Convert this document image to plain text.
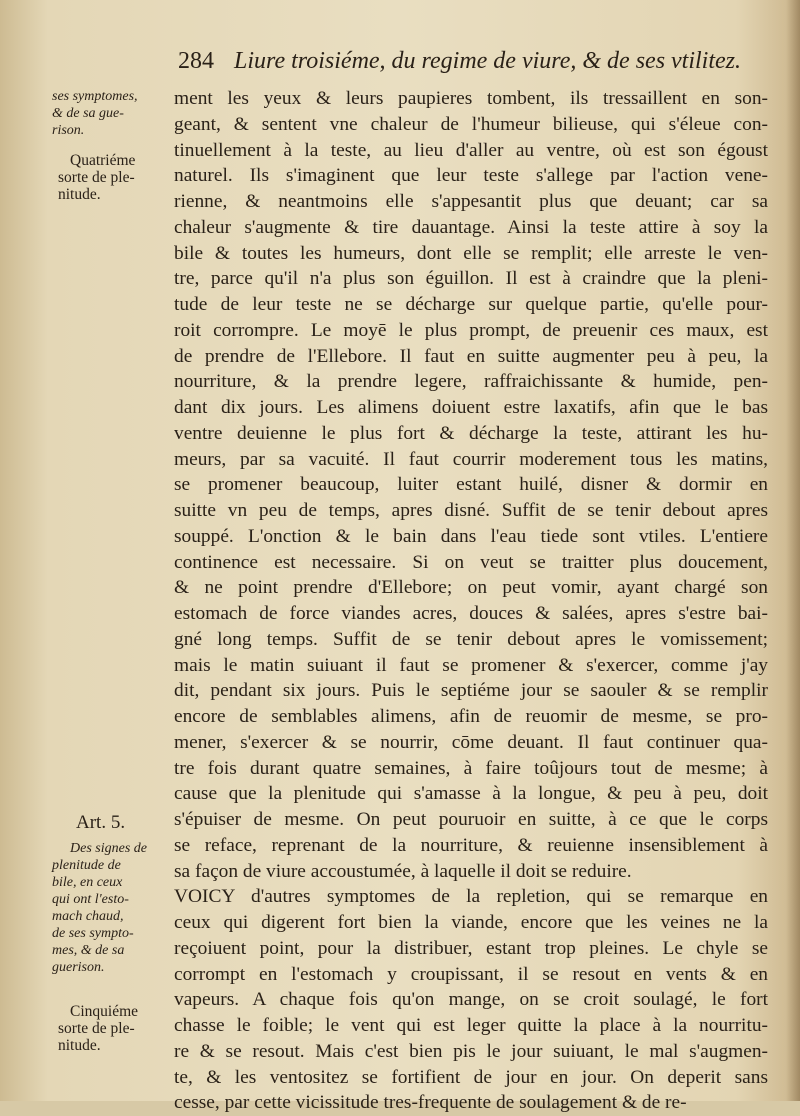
284 Liure troisiéme, du regime de viure, & de ses vtilitez.
ses symptomes,
& de sa gue-
rison.
Quatriéme
sorte de ple-
nitude.
Art. 5.
Des signes de
plenitude de
bile, en ceux
qui ont l'esto-
mach chaud,
de ses sympto-
mes, & de sa
guerison.
Cinquiéme
sorte de ple-
nitude.
ment les yeux & leurs paupieres tombent, ils tressaillent en son-
geant, & sentent vne chaleur de l'humeur bilieuse, qui s'éleue con-
tinuellement à la teste, au lieu d'aller au ventre, où est son égoust
naturel. Ils s'imaginent que leur teste s'allege par l'action vene-
rienne, & neantmoins elle s'appesantit plus que deuant; car sa
chaleur s'augmente & tire dauantage. Ainsi la teste attire à soy la
bile & toutes les humeurs, dont elle se remplit; elle arreste le ven-
tre, parce qu'il n'a plus son éguillon. Il est à craindre que la pleni-
tude de leur teste ne se décharge sur quelque partie, qu'elle pour-
roit corrompre. Le moyē le plus prompt, de preuenir ces maux, est
de prendre de l'Ellebore. Il faut en suitte augmenter peu à peu, la
nourriture, & la prendre legere, raffraichissante & humide, pen-
dant dix jours. Les alimens doiuent estre laxatifs, afin que le bas
ventre deuienne le plus fort & décharge la teste, attirant les hu-
meurs, par sa vacuité. Il faut courrir moderement tous les matins,
se promener beaucoup, luiter estant huilé, disner & dormir en
suitte vn peu de temps, apres disné. Suffit de se tenir debout apres
souppé. L'onction & le bain dans l'eau tiede sont vtiles. L'entiere
continence est necessaire. Si on veut se traitter plus doucement,
& ne point prendre d'Ellebore; on peut vomir, ayant chargé son
estomach de force viandes acres, douces & salées, apres s'estre bai-
gné long temps. Suffit de se tenir debout apres le vomissement;
mais le matin suiuant il faut se promener & s'exercer, comme j'ay
dit, pendant six jours. Puis le septiéme jour se saouler & se remplir
encore de semblables alimens, afin de reuomir de mesme, se pro-
mener, s'exercer & se nourrir, cōme deuant. Il faut continuer qua-
tre fois durant quatre semaines, à faire toûjours tout de mesme; à
cause que la plenitude qui s'amasse à la longue, & peu à peu, doit
s'épuiser de mesme. On peut pouruoir en suitte, à ce que le corps
se reface, reprenant de la nourriture, & reuienne insensiblement à
sa façon de viure accoustumée, à laquelle il doit se reduire.
VOICY d'autres symptomes de la repletion, qui se remarque en
ceux qui digerent fort bien la viande, encore que les veines ne la
reçoiuent point, pour la distribuer, estant trop pleines. Le chyle se
corrompt en l'estomach y croupissant, il se resout en vents & en
vapeurs. A chaque fois qu'on mange, on se croit soulagé, le fort
chasse le foible; le vent qui est leger quitte la place à la nourritu-
re & se resout. Mais c'est bien pis le jour suiuant, le mal s'augmen-
te, & les ventositez se fortifient de jour en jour. On deperit sans
cesse, par cette vicissitude tres-frequente de soulagement & de re-
